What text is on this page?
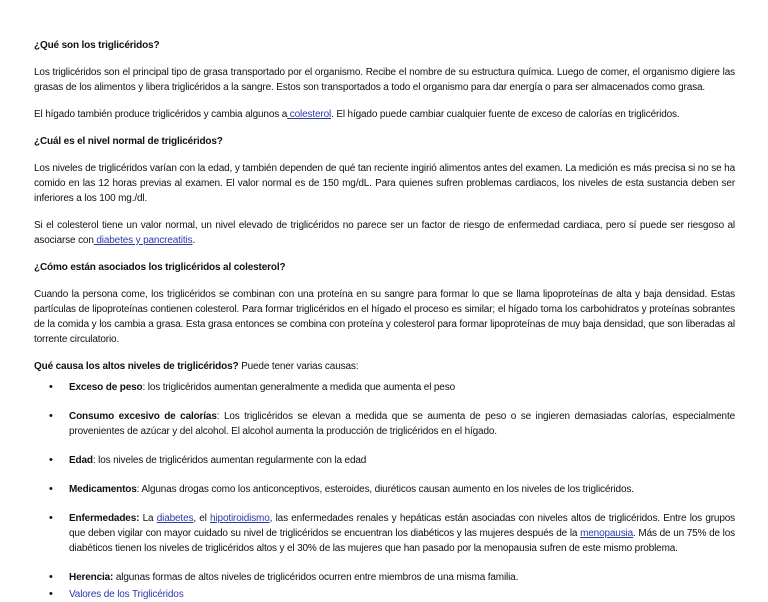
¿Qué son los triglicéridos?

Los triglicéridos son el principal tipo de grasa transportado por el organismo. Recibe el nombre de su estructura química. Luego de comer, el organismo digiere las grasas de los alimentos y libera triglicéridos a la sangre. Estos son transportados a todo el organismo para dar energía o para ser almacenados como grasa.

El hígado también produce triglicéridos y cambia algunos a colesterol. El hígado puede cambiar cualquier fuente de exceso de calorías en triglicéridos.

¿Cuál es el nivel normal de triglicéridos?

Los niveles de triglicéridos varían con la edad, y también dependen de qué tan reciente ingirió alimentos antes del examen. La medición es más precisa si no se ha comido en las 12 horas previas al examen. El valor normal es de 150 mg/dL. Para quienes sufren problemas cardiacos, los niveles de esta sustancia deben ser inferiores a los 100 mg./dl.

Si el colesterol tiene un valor normal, un nivel elevado de triglicéridos no parece ser un factor de riesgo de enfermedad cardiaca, pero sí puede ser riesgoso al asociarse con diabetes y pancreatitis.

¿Cómo están asociados los triglicéridos al colesterol?

Cuando la persona come, los triglicéridos se combinan con una proteína en su sangre para formar lo que se llama lipoproteínas de alta y baja densidad. Estas partículas de lipoproteínas contienen colesterol. Para formar triglicéridos en el hígado el proceso es similar; el hígado toma los carbohidratos y proteínas sobrantes de la comida y los cambia a grasa. Esta grasa entonces se combina con proteína y colesterol para formar lipoproteínas de muy baja densidad, que son liberadas al torrente circulatorio.

Qué causa los altos niveles de triglicéridos? Puede tener varias causas:

• Exceso de peso: los triglicéridos aumentan generalmente a medida que aumenta el peso
• Consumo excesivo de calorías: Los triglicéridos se elevan a medida que se aumenta de peso o se ingieren demasiadas calorías, especialmente provenientes de azúcar y del alcohol. El alcohol aumenta la producción de triglicéridos en el hígado.
• Edad: los niveles de triglicéridos aumentan regularmente con la edad
• Medicamentos: Algunas drogas como los anticonceptivos, esteroides, diuréticos causan aumento en los niveles de los triglicéridos.
• Enfermedades: La diabetes, el hipotiroidismo, las enfermedades renales y hepáticas están asociadas con niveles altos de triglicéridos. Entre los grupos que deben vigilar con mayor cuidado su nivel de triglicéridos se encuentran los diabéticos y las mujeres después de la menopausia. Más de un 75% de los diabéticos tienen los niveles de triglicéridos altos y el 30% de las mujeres que han pasado por la menopausia sufren de este mismo problema.
• Herencia: algunas formas de altos niveles de triglicéridos ocurren entre miembros de una misma familia.
• Valores de los Triglicéridos
